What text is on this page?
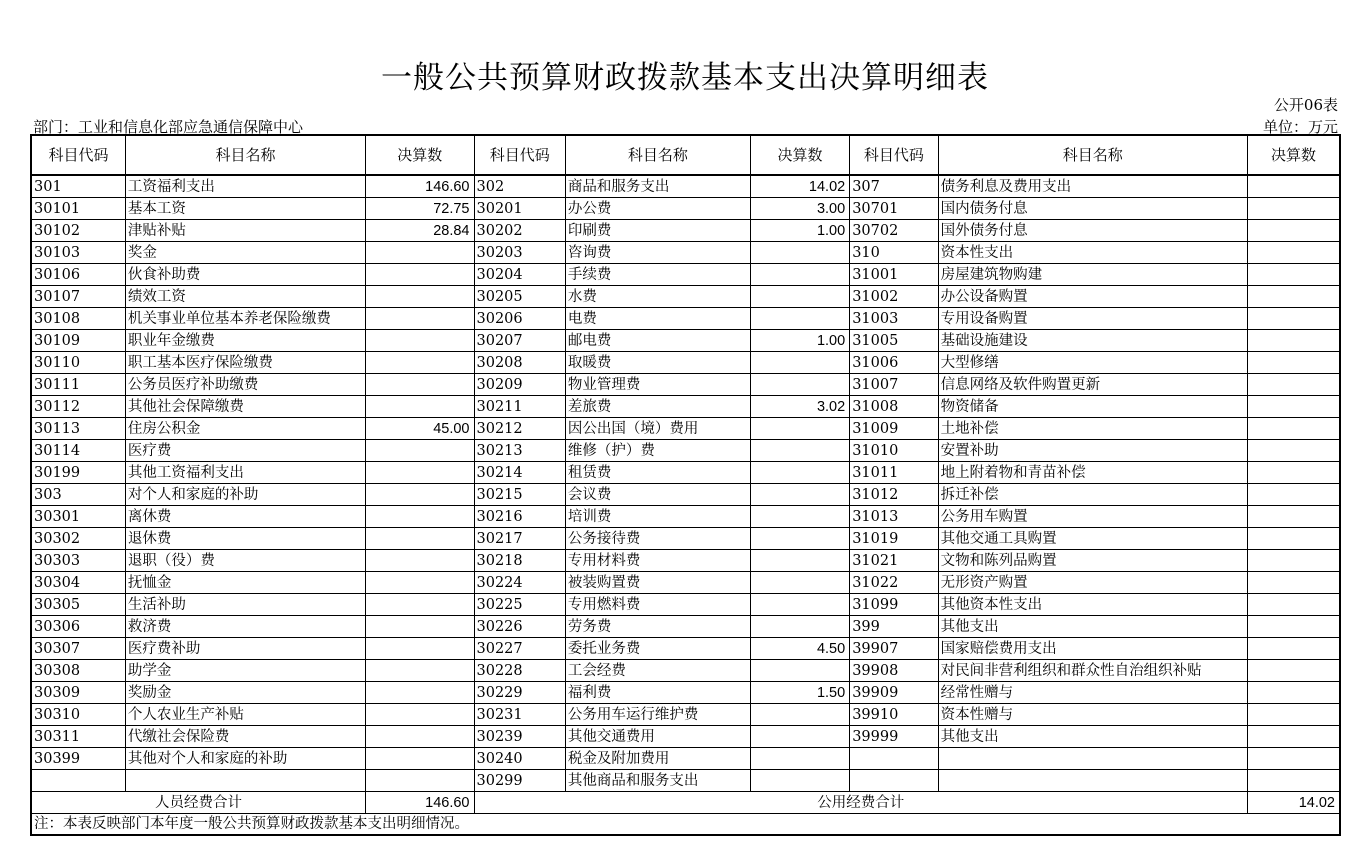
一般公共预算财政拨款基本支出决算明细表
公开06表
部门：工业和信息化部应急通信保障中心	单位：万元
科目代码	科目名称	决算数	科目代码	科目名称	决算数	科目代码	科目名称	决算数
301	工资福利支出	146.60	302	商品和服务支出	14.02	307	债务利息及费用支出	
30101	基本工资	72.75	30201	办公费	3.00	30701	国内债务付息	
30102	津贴补贴	28.84	30202	印刷费	1.00	30702	国外债务付息	
30103	奖金		30203	咨询费		310	资本性支出	
30106	伙食补助费		30204	手续费		31001	房屋建筑物购建	
30107	绩效工资		30205	水费		31002	办公设备购置	
30108	机关事业单位基本养老保险缴费		30206	电费		31003	专用设备购置	
30109	职业年金缴费		30207	邮电费	1.00	31005	基础设施建设	
30110	职工基本医疗保险缴费		30208	取暖费		31006	大型修缮	
30111	公务员医疗补助缴费		30209	物业管理费		31007	信息网络及软件购置更新	
30112	其他社会保障缴费		30211	差旅费	3.02	31008	物资储备	
30113	住房公积金	45.00	30212	因公出国（境）费用		31009	土地补偿	
30114	医疗费		30213	维修（护）费		31010	安置补助	
30199	其他工资福利支出		30214	租赁费		31011	地上附着物和青苗补偿	
303	对个人和家庭的补助		30215	会议费		31012	拆迁补偿	
30301	离休费		30216	培训费		31013	公务用车购置	
30302	退休费		30217	公务接待费		31019	其他交通工具购置	
30303	退职（役）费		30218	专用材料费		31021	文物和陈列品购置	
30304	抚恤金		30224	被装购置费		31022	无形资产购置	
30305	生活补助		30225	专用燃料费		31099	其他资本性支出	
30306	救济费		30226	劳务费		399	其他支出	
30307	医疗费补助		30227	委托业务费	4.50	39907	国家赔偿费用支出	
30308	助学金		30228	工会经费		39908	对民间非营利组织和群众性自治组织补贴	
30309	奖励金		30229	福利费	1.50	39909	经常性赠与	
30310	个人农业生产补贴		30231	公务用车运行维护费		39910	资本性赠与	
30311	代缴社会保险费		30239	其他交通费用		39999	其他支出	
30399	其他对个人和家庭的补助		30240	税金及附加费用				
			30299	其他商品和服务支出				
人员经费合计		146.60	公用经费合计					14.02
注：本表反映部门本年度一般公共预算财政拨款基本支出明细情况。								
